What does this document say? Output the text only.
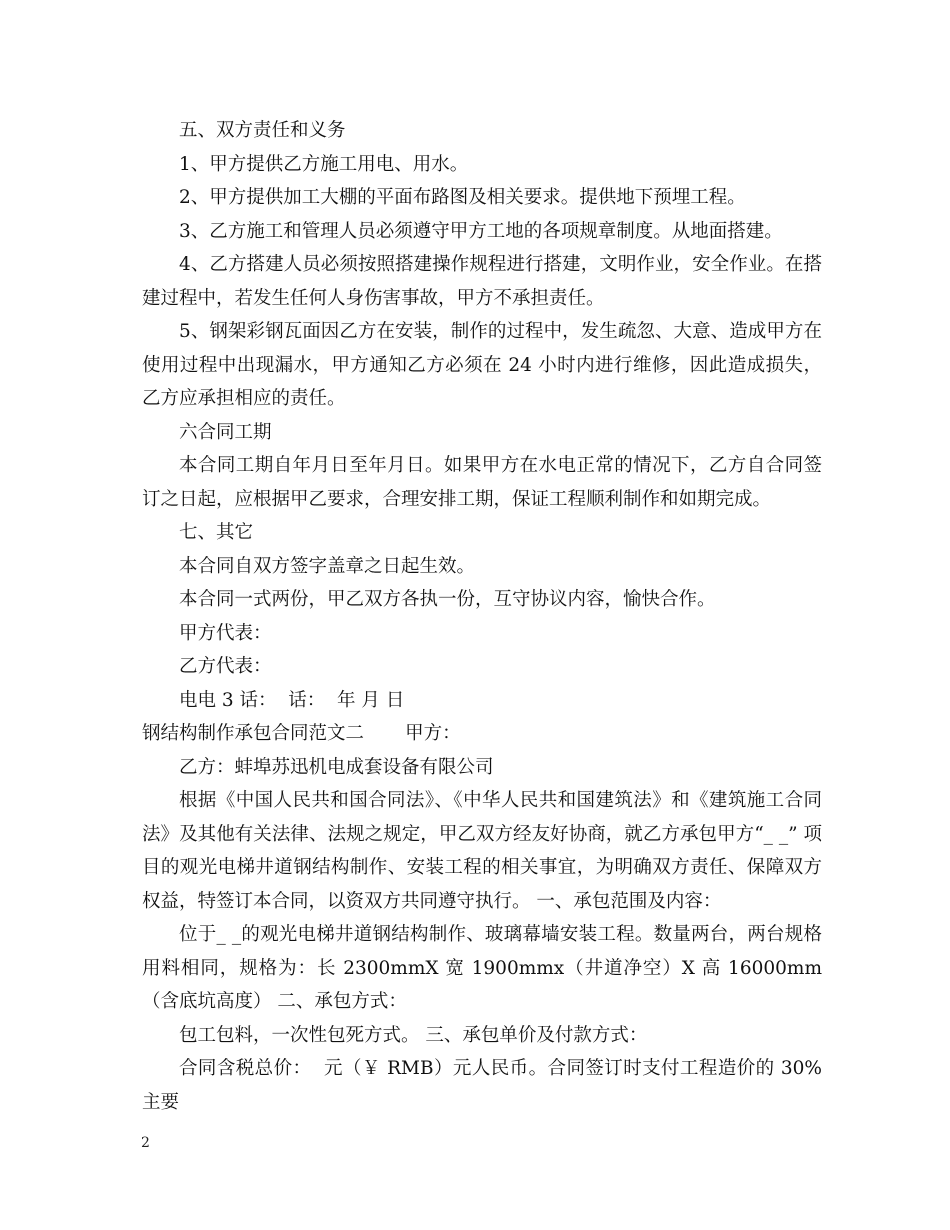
五、双方责任和义务
1、甲方提供乙方施工用电、用水。
2、甲方提供加工大棚的平面布路图及相关要求。提供地下预埋工程。
3、乙方施工和管理人员必须遵守甲方工地的各项规章制度。从地面搭建。
4、乙方搭建人员必须按照搭建操作规程进行搭建，文明作业，安全作业。在搭建过程中，若发生任何人身伤害事故，甲方不承担责任。
5、钢架彩钢瓦面因乙方在安装，制作的过程中，发生疏忽、大意、造成甲方在使用过程中出现漏水，甲方通知乙方必须在 24 小时内进行维修，因此造成损失，乙方应承担相应的责任。
六合同工期
本合同工期自年月日至年月日。如果甲方在水电正常的情况下，乙方自合同签订之日起，应根据甲乙要求，合理安排工期，保证工程顺利制作和如期完成。
七、其它
本合同自双方签字盖章之日起生效。
本合同一式两份，甲乙双方各执一份，互守协议内容，愉快合作。
甲方代表：
乙方代表：
电电 3 话：  话：  年 月 日
钢结构制作承包合同范文二       甲方：
乙方：蚌埠苏迅机电成套设备有限公司
根据《中国人民共和国合同法》、《中华人民共和国建筑法》和《建筑施工合同法》及其他有关法律、法规之规定，甲乙双方经友好协商，就乙方承包甲方“_ _” 项目的观光电梯井道钢结构制作、安装工程的相关事宜，为明确双方责任、保障双方权益，特签订本合同，以资双方共同遵守执行。 一、承包范围及内容：
位于_ _的观光电梯井道钢结构制作、玻璃幕墙安装工程。数量两台，两台规格用料相同，规格为：长 2300mmX 宽 1900mmx（井道净空）X 高 16000mm（含底坑高度） 二、承包方式：
包工包料，一次性包死方式。 三、承包单价及付款方式：
合同含税总价：  元（￥ RMB）元人民币。合同签订时支付工程造价的 30%主要
2
